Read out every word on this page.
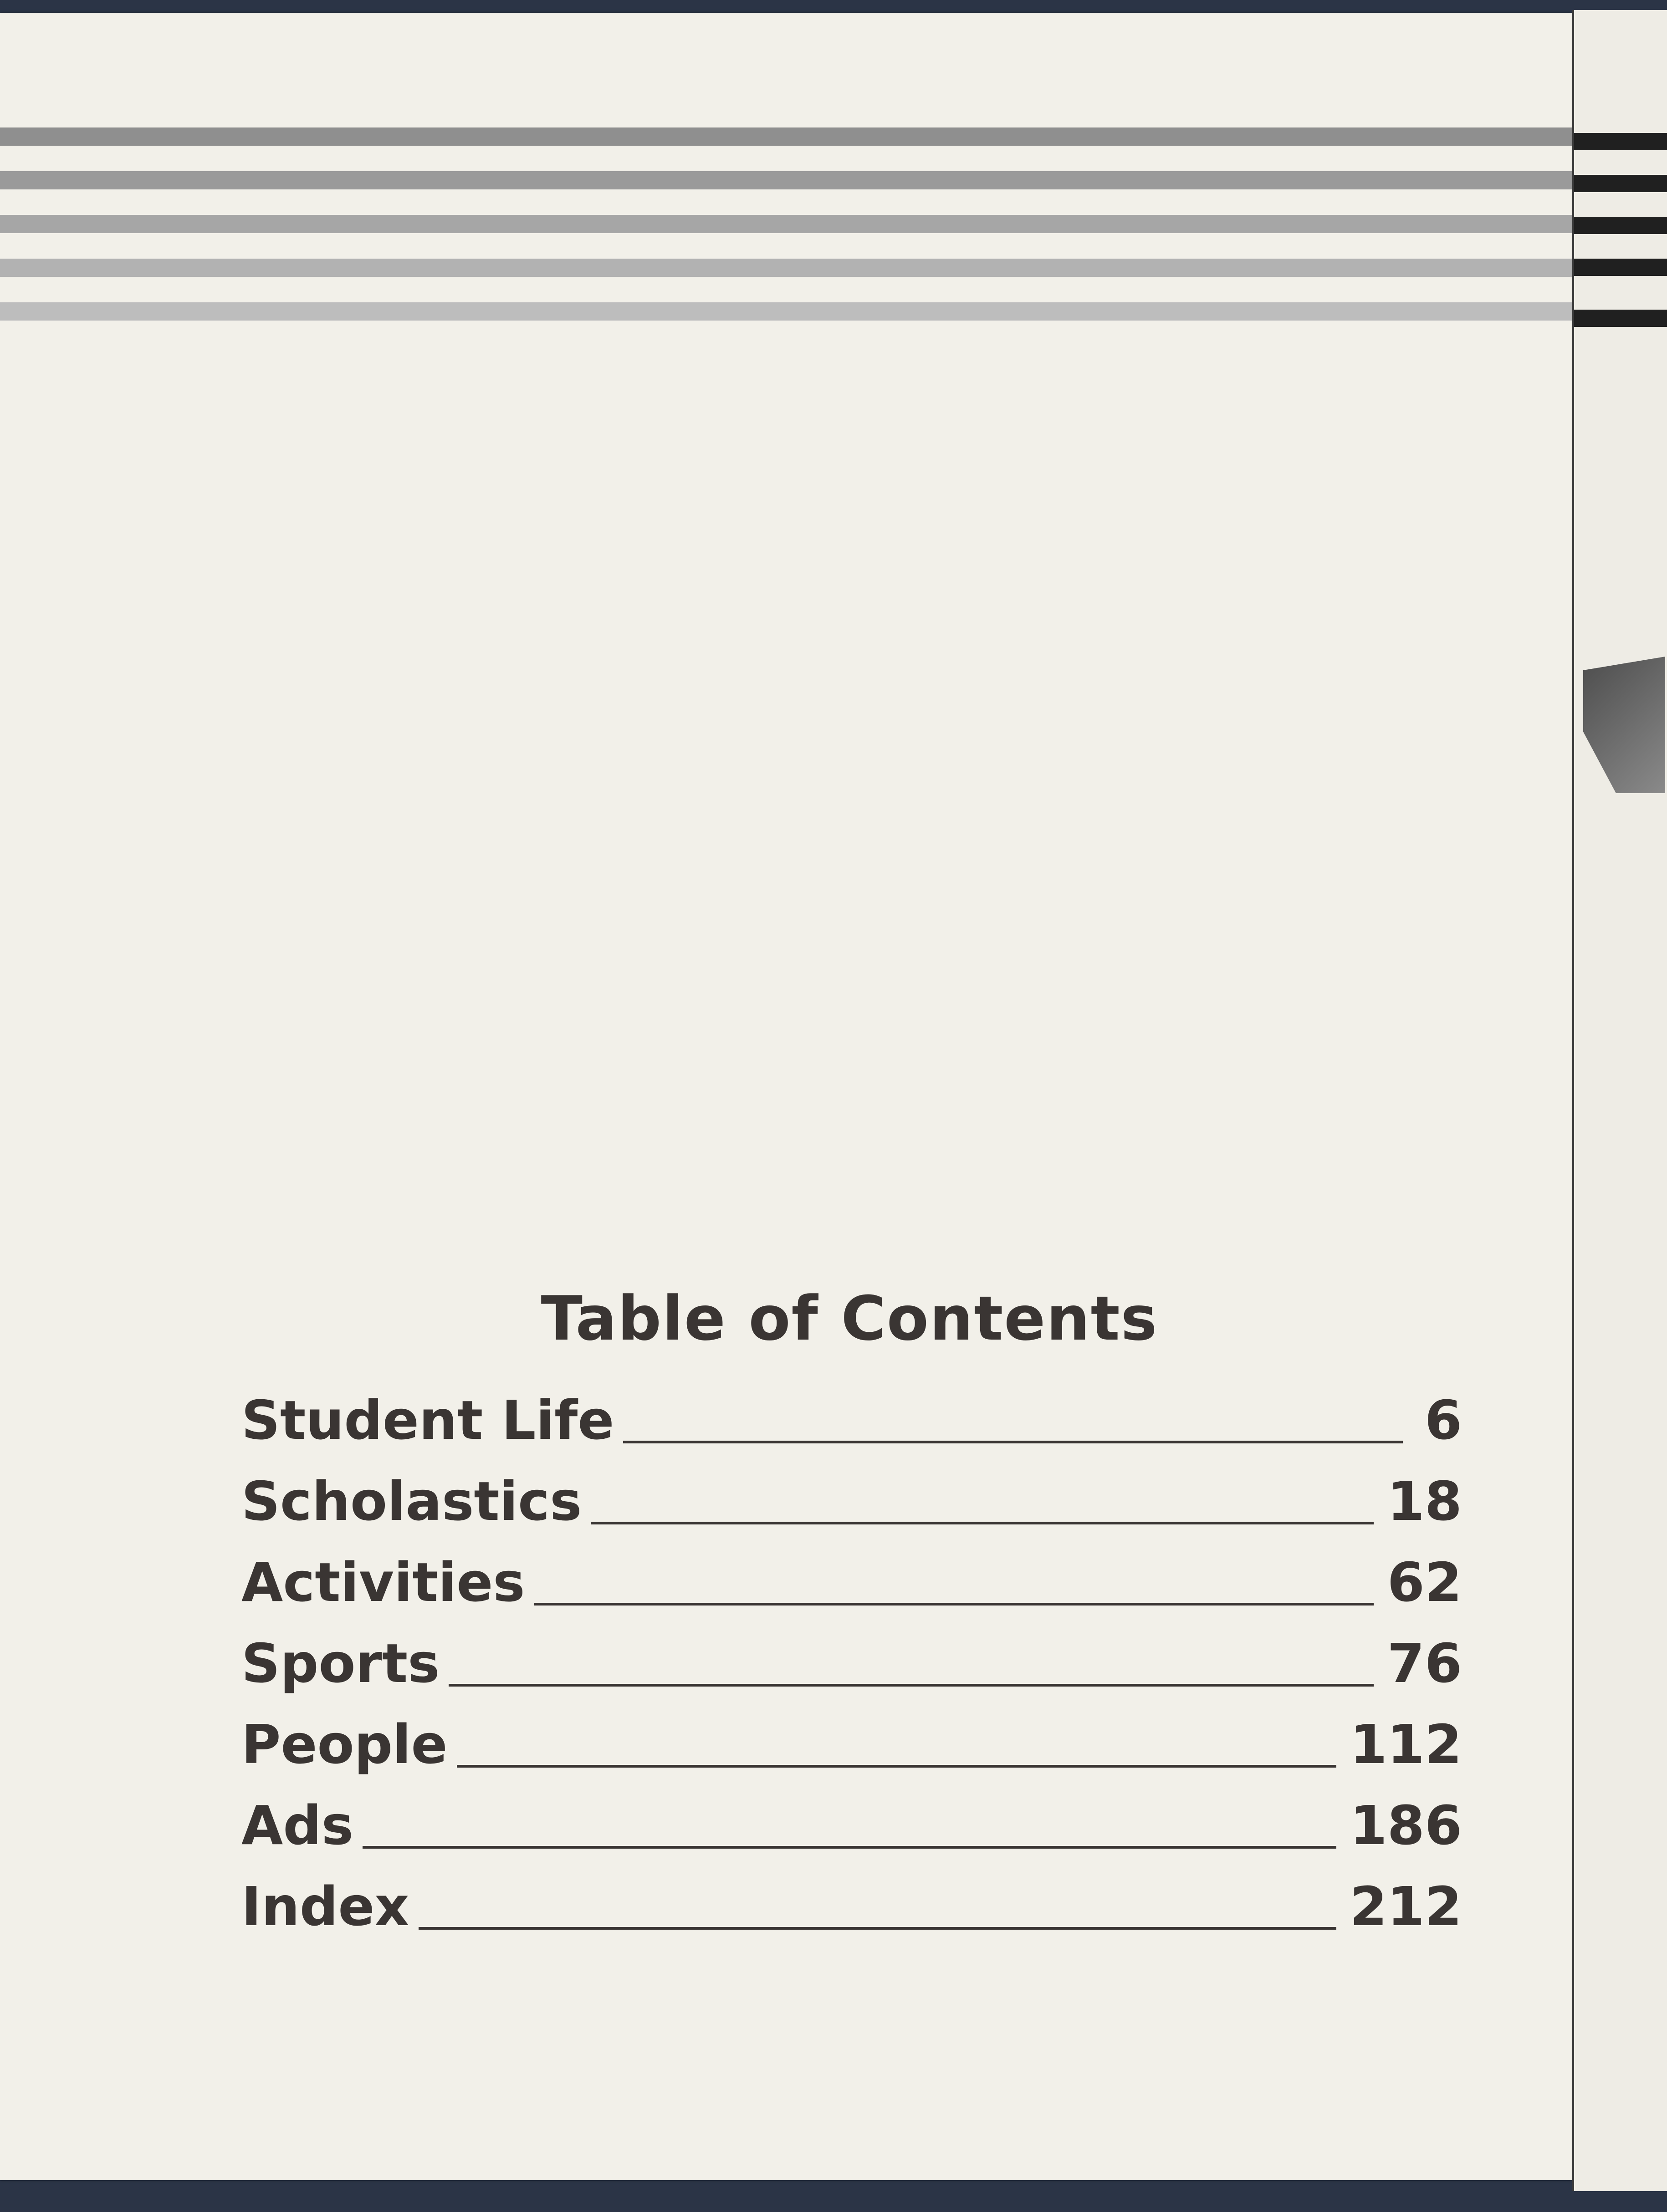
Table of Contents
Student Life	6
Scholastics	18
Activities	62
Sports	76
People	112
Ads	186
Index	212
